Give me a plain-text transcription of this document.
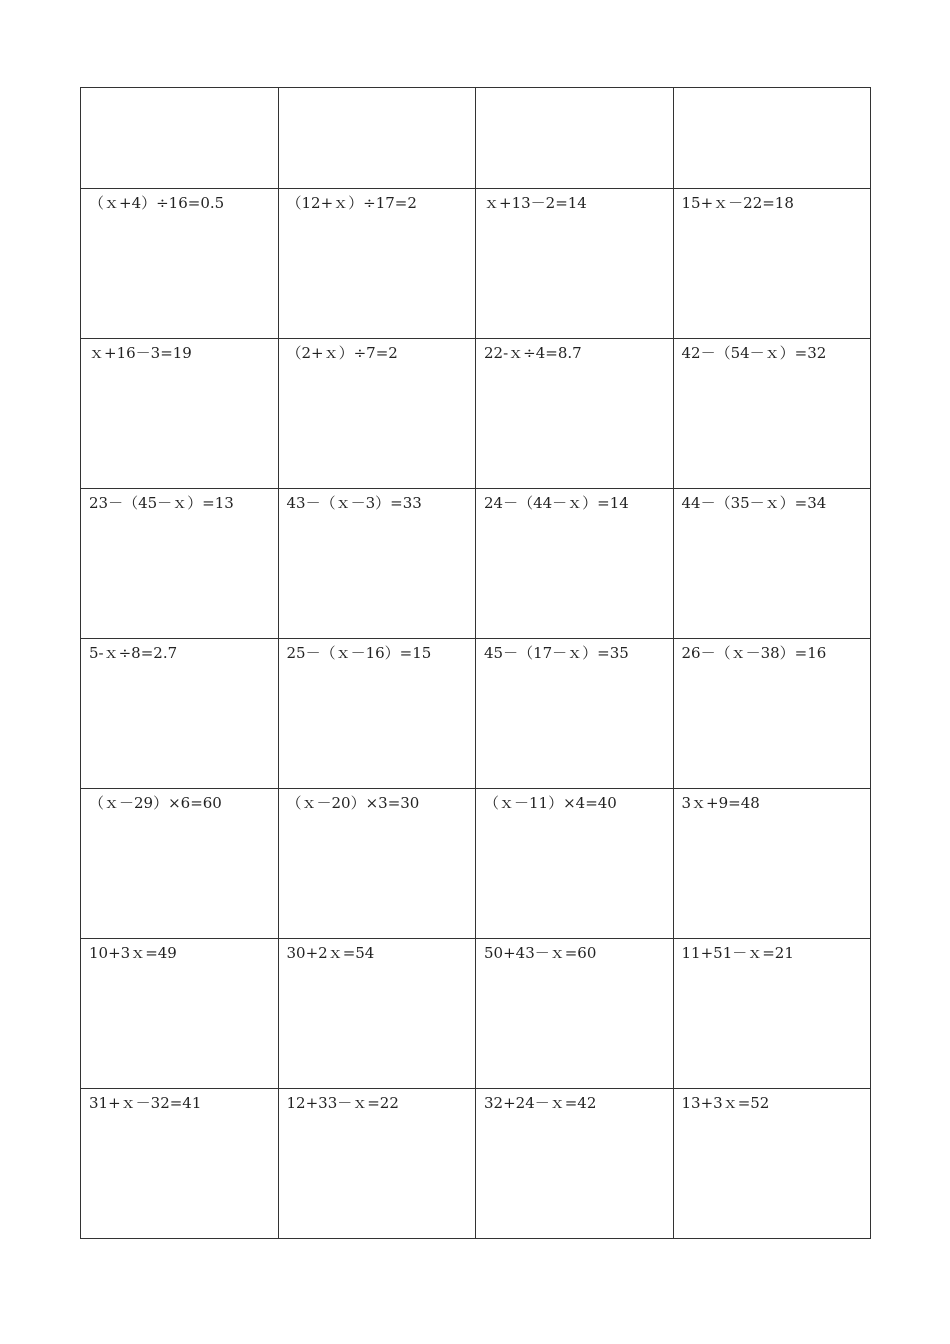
（ｘ+4）÷16=0.5	（12+ｘ）÷17=2	ｘ+13－2=14	15+ｘ－22=18

ｘ+16－3=19	（2+ｘ）÷7=2	22-ｘ÷4=8.7	42－（54－ｘ）=32

23－（45－ｘ）=13	43－（ｘ－3）=33	24－（44－ｘ）=14	44－（35－ｘ）=34

5-ｘ÷8=2.7	25－（ｘ－16）=15	45－（17－ｘ）=35	26－（ｘ－38）=16

（ｘ－29）×6=60	（ｘ－20）×3=30	（ｘ－11）×4=40	3ｘ+9=48

10+3ｘ=49	30+2ｘ=54	50+43－ｘ=60	11+51－ｘ=21

31+ｘ－32=41	12+33－ｘ=22	32+24－ｘ=42	13+3ｘ=52
